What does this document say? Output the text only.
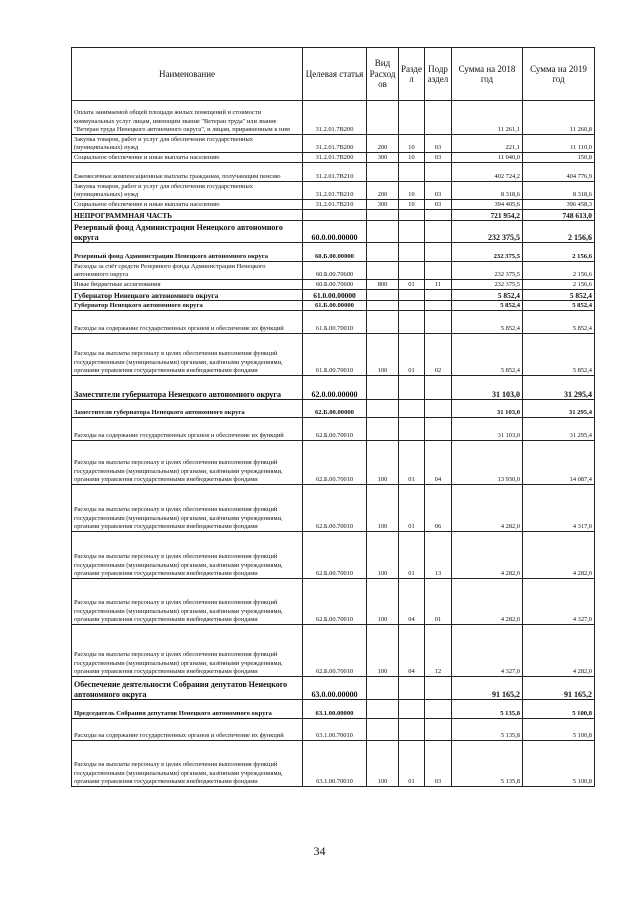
Наименование	Целевая статья	Вид Расход ов	Разде л	Подр аздел	Сумма на 2018 год	Сумма на 2019 год
Оплата занимаемой общей площади жилых помещений и стоимости коммунальных услуг лицам, имеющим звание "Ветеран труда" или звание "Ветеран труда Ненецкого автономного округа", и лицам, приравненным к ним	31.2.01.7В200				11 261,1	11 260,8
Закупка товаров, работ и услуг для обеспечения государственных (муниципальных) нужд	31.2.01.7В200	200	10	03	221,1	11 110,0
Социальное обеспечение и иные выплаты населению	31.2.01.7В200	300	10	03	11 040,0	150,8
Ежемесячные компенсационные выплаты гражданам, получающим пенсию	31.2.01.7В210				402 724,2	404 776,9
Закупка товаров, работ и услуг для обеспечения государственных (муниципальных) нужд	31.2.01.7В210	200	10	03	8 318,6	8 318,6
Социальное обеспечение и иные выплаты населению	31.2.01.7В210	300	10	03	394 405,6	396 458,3
НЕПРОГРАММНАЯ ЧАСТЬ					721 954,2	748 613,0
Резервный фонд Администрации Ненецкого автономного округа	60.0.00.00000				232 375,5	2 156,6
Резервный фонд Администрации Ненецкого автономного округа	60.Б.00.00000				232 375,5	2 156,6
Расходы за счёт средств Резервного фонда Администрации Ненецкого автономного округа	60.Б.00.70600				232 375,5	2 156,6
Иные бюджетные ассигнования	60.Б.00.70600	800	01	11	232 375,5	2 156,6
Губернатор Ненецкого автономного округа	61.0.00.00000				5 852,4	5 852,4
Губернатор Ненецкого автономного округа	61.Б.00.00000				5 852,4	5 852,4
Расходы на содержание государственных органов и обеспечение их функций	61.Б.00.70010				5 852,4	5 852,4
Расходы на выплаты персоналу в целях обеспечения выполнения функций государственными (муниципальными) органами, казёнными учреждениями, органами управления государственными внебюджетными фондами	61.Б.00.70010	100	01	02	5 852,4	5 852,4
Заместители губернатора Ненецкого автономного округа	62.0.00.00000				31 103,0	31 295,4
Заместители губернатора Ненецкого автономного округа	62.Б.00.00000				31 103,0	31 295,4
Расходы на содержание государственных органов и обеспечение их функций	62.Б.00.70010				31 103,0	31 295,4
Расходы на выплаты персоналу в целях обеспечения выполнения функций государственными (муниципальными) органами, казёнными учреждениями, органами управления государственными внебюджетными фондами	62.Б.00.70010	100	01	04	13 930,0	14 087,4
Расходы на выплаты персоналу в целях обеспечения выполнения функций государственными (муниципальными) органами, казёнными учреждениями, органами управления государственными внебюджетными фондами	62.Б.00.70010	100	01	06	4 282,0	4 317,0
Расходы на выплаты персоналу в целях обеспечения выполнения функций государственными (муниципальными) органами, казёнными учреждениями, органами управления государственными внебюджетными фондами	62.Б.00.70010	100	01	13	4 282,0	4 282,0
Расходы на выплаты персоналу в целях обеспечения выполнения функций государственными (муниципальными) органами, казёнными учреждениями, органами управления государственными внебюджетными фондами	62.Б.00.70010	100	04	01	4 282,0	4 327,0
Расходы на выплаты персоналу в целях обеспечения выполнения функций государственными (муниципальными) органами, казёнными учреждениями, органами управления государственными внебюджетными фондами	62.Б.00.70010	100	04	12	4 327,0	4 282,0
Обеспечение деятельности Собрания депутатов Ненецкого автономного округа	63.0.00.00000				91 165,2	91 165,2
Председатель Собрания депутатов Ненецкого автономного округа	63.1.00.00000				5 135,8	5 100,8
Расходы на содержание государственных органов и обеспечение их функций	63.1.00.70010				5 135,8	5 100,8
Расходы на выплаты персоналу в целях обеспечения выполнения функций государственными (муниципальными) органами, казёнными учреждениями, органами управления государственными внебюджетными фондами	63.1.00.70010	100	01	03	5 135,8	5 100,8
34
